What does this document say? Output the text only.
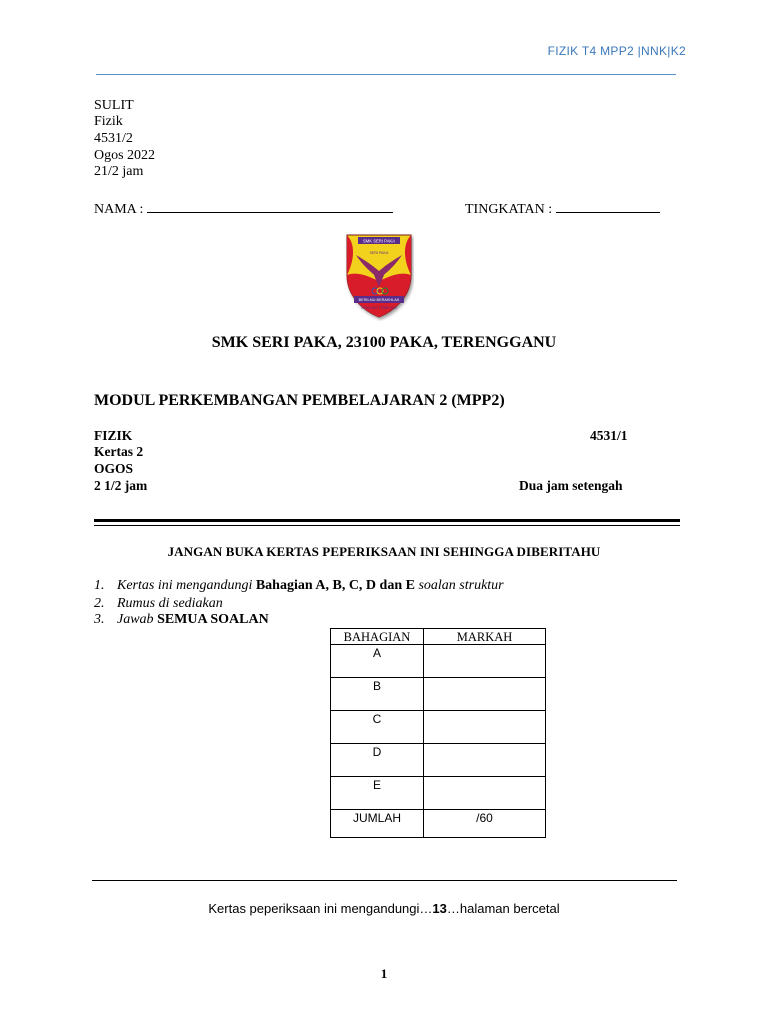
FIZIK T4 MPP2 |NNK|K2
SULIT
Fizik
4531/2
Ogos 2022
21/2 jam
NAMA :	TINGKATAN :
SMK SERI PAKA
SERI PAKA
BERILMU BERAKHLAK
GEMILANG TERBILANG
SMK SERI PAKA, 23100 PAKA, TERENGGANU
MODUL PERKEMBANGAN PEMBELAJARAN 2 (MPP2)
FIZIK	4531/1
Kertas 2
OGOS
2 1/2 jam	Dua jam setengah
JANGAN BUKA KERTAS PEPERIKSAAN INI SEHINGGA DIBERITAHU
1. Kertas ini mengandungi Bahagian A, B, C, D dan E soalan struktur
2. Rumus di sediakan
3. Jawab SEMUA SOALAN
BAHAGIAN	MARKAH
A	
B	
C	
D	
E	
JUMLAH	/60
Kertas peperiksaan ini mengandungi…13…halaman bercetal
1
